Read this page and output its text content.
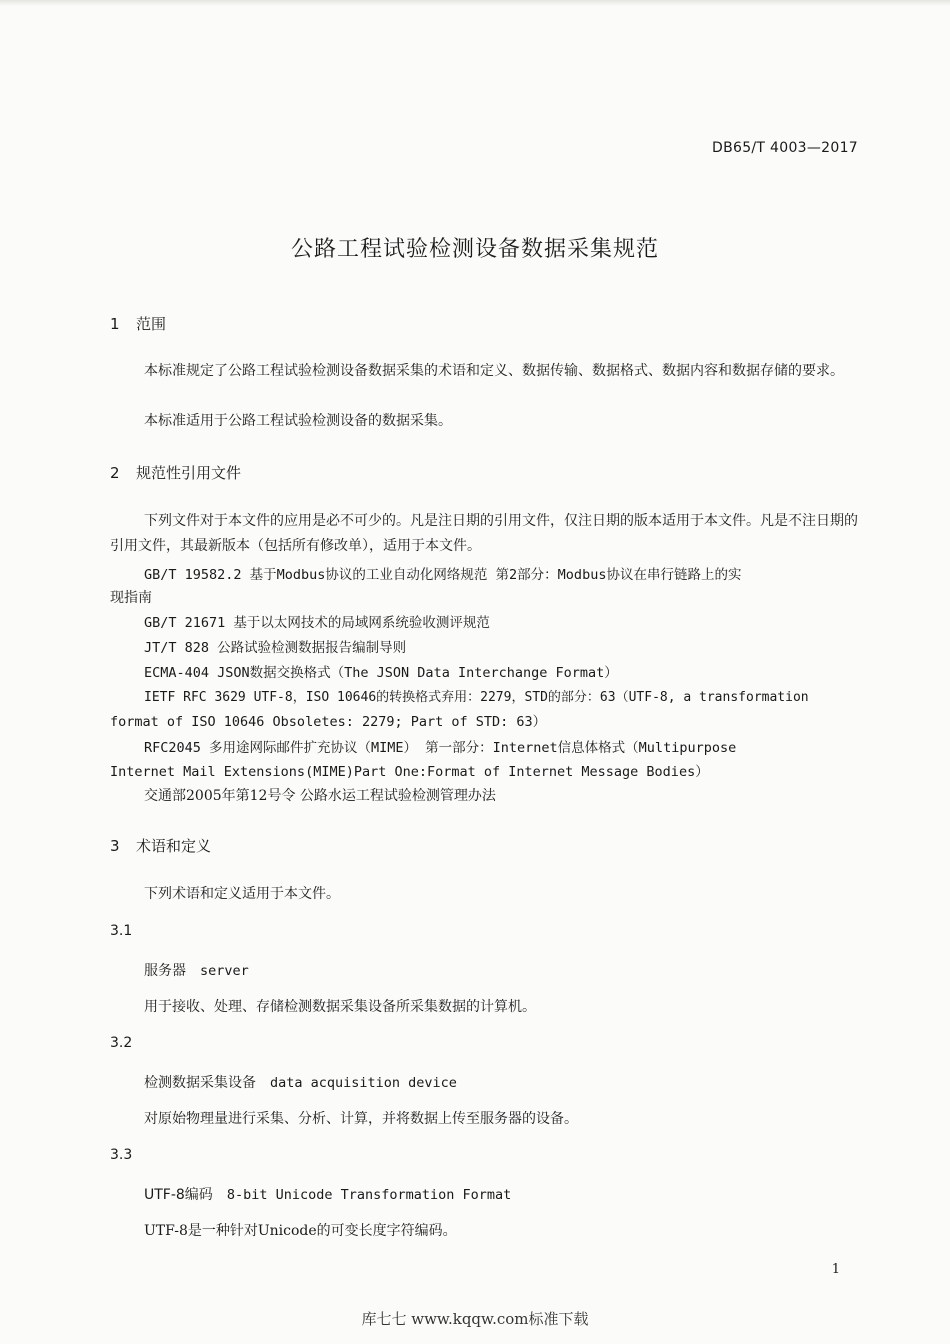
DB65/T 4003—2017
公路工程试验检测设备数据采集规范
1 范围
本标准规定了公路工程试验检测设备数据采集的术语和定义、数据传输、数据格式、数据内容和数据存储的要求。
本标准适用于公路工程试验检测设备的数据采集。
2 规范性引用文件
下列文件对于本文件的应用是必不可少的。凡是注日期的引用文件，仅注日期的版本适用于本文件。凡是不注日期的引用文件，其最新版本（包括所有修改单），适用于本文件。
GB/T 19582.2 基于Modbus协议的工业自动化网络规范 第2部分：Modbus协议在串行链路上的实
现指南
GB/T 21671 基于以太网技术的局域网系统验收测评规范
JT/T 828 公路试验检测数据报告编制导则
ECMA-404 JSON数据交换格式（The JSON Data Interchange Format）
IETF RFC 3629 UTF-8，ISO 10646的转换格式弃用：2279，STD的部分：63（UTF-8, a transformation
format of ISO 10646 Obsoletes: 2279; Part of STD: 63）
RFC2045 多用途网际邮件扩充协议（MIME） 第一部分：Internet信息体格式（Multipurpose
Internet Mail Extensions(MIME)Part One:Format of Internet Message Bodies）
交通部2005年第12号令 公路水运工程试验检测管理办法
3 术语和定义
下列术语和定义适用于本文件。
3.1
服务器 server
用于接收、处理、存储检测数据采集设备所采集数据的计算机。
3.2
检测数据采集设备 data acquisition device
对原始物理量进行采集、分析、计算，并将数据上传至服务器的设备。
3.3
UTF-8编码 8-bit Unicode Transformation Format
UTF-8是一种针对Unicode的可变长度字符编码。
1
库七七 www.kqqw.com标准下载
